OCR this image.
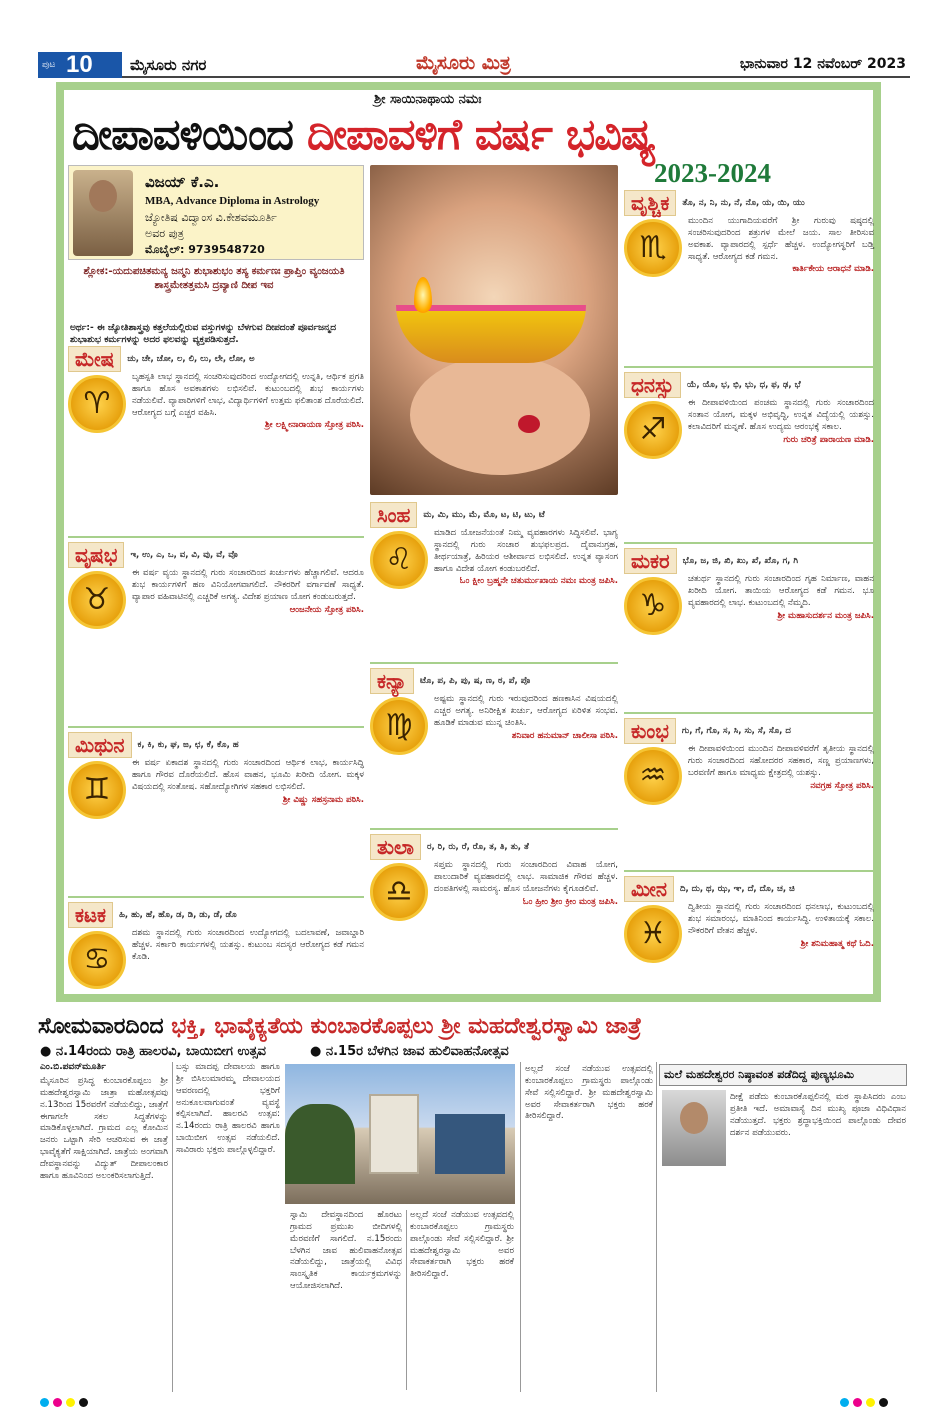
ಪುಟ 10 ಮೈಸೂರು ನಗರ	ಮೈಸೂರು ಮಿತ್ರ	ಭಾನುವಾರ 12 ನವೆಂಬರ್ 2023
ಶ್ರೀ ಸಾಯಿನಾಥಾಯ ನಮಃ
ದೀಪಾವಳಿಯಿಂದ ದೀಪಾವಳಿಗೆ ವರ್ಷ ಭವಿಷ್ಯ
2023-2024
ವಿಜಯ್ ಕೆ.ಎ.
MBA, Advance Diploma in Astrology
ಜ್ಯೋತಿಷ ವಿದ್ವಾಂಸ ವಿ.ಕೇಶವಮೂರ್ತಿ
ಅವರ ಪುತ್ರ
ಮೊಬೈಲ್: 9739548720
ಶ್ಲೋಕ:-ಯದುಪಚಿತಮನ್ಯ ಜನ್ಮನಿ ಶುಭಾಶುಭಂ ತಸ್ಯ ಕರ್ಮಣಃ ಪ್ರಾಪ್ತಿಂ ವ್ಯಂಜಯತಿ ಶಾಸ್ತ್ರಮೇತತ್ತಮಸಿ ದ್ರವ್ಯಾಣಿ ದೀಪ ಇವ
ಅರ್ಥ:- ಈ ಜ್ಯೋತಿಶಾಸ್ತ್ರವು ಕತ್ತಲೆಯಲ್ಲಿರುವ ವಸ್ತುಗಳನ್ನು ಬೆಳಗುವ ದೀಪದಂತೆ ಪೂರ್ವಜನ್ಮದ ಶುಭಾಶುಭ ಕರ್ಮಗಳನ್ನು ಅದರ ಫಲವನ್ನು ವ್ಯಕ್ತಪಡಿಸುತ್ತದೆ.
ಮೇಷ	ಚು, ಚೇ, ಚೋ, ಲ, ಲಿ, ಲು, ಲೇ, ಲೋ, ಅ
♈
ಬೃಹಸ್ಪತಿ ಲಾಭ ಸ್ಥಾನದಲ್ಲಿ ಸಂಚರಿಸುವುದರಿಂದ ಉದ್ಯೋಗದಲ್ಲಿ ಉನ್ನತಿ, ಆರ್ಥಿಕ ಪ್ರಗತಿ ಹಾಗೂ ಹೊಸ ಅವಕಾಶಗಳು ಲಭಿಸಲಿವೆ. ಕುಟುಂಬದಲ್ಲಿ ಶುಭ ಕಾರ್ಯಗಳು ನಡೆಯಲಿವೆ. ವ್ಯಾಪಾರಿಗಳಿಗೆ ಲಾಭ, ವಿದ್ಯಾರ್ಥಿಗಳಿಗೆ ಉತ್ತಮ ಫಲಿತಾಂಶ ದೊರೆಯಲಿದೆ. ಆರೋಗ್ಯದ ಬಗ್ಗೆ ಎಚ್ಚರ ವಹಿಸಿ.
ಶ್ರೀ ಲಕ್ಷ್ಮೀನಾರಾಯಣ ಸ್ತೋತ್ರ ಪಠಿಸಿ.
ವೃಷಭ	ಇ, ಉ, ಎ, ಒ, ವ, ವಿ, ವು, ವೆ, ವೊ
♉
ಈ ವರ್ಷ ವ್ಯಯ ಸ್ಥಾನದಲ್ಲಿ ಗುರು ಸಂಚಾರದಿಂದ ಖರ್ಚುಗಳು ಹೆಚ್ಚಾಗಲಿವೆ. ಆದರೂ ಶುಭ ಕಾರ್ಯಗಳಿಗೆ ಹಣ ವಿನಿಯೋಗವಾಗಲಿದೆ. ನೌಕರರಿಗೆ ವರ್ಗಾವಣೆ ಸಾಧ್ಯತೆ. ವ್ಯಾಪಾರ ವಹಿವಾಟಿನಲ್ಲಿ ಎಚ್ಚರಿಕೆ ಅಗತ್ಯ. ವಿದೇಶ ಪ್ರಯಾಣ ಯೋಗ ಕಂಡುಬರುತ್ತದೆ.
ಆಂಜನೇಯ ಸ್ತೋತ್ರ ಪಠಿಸಿ.
ಮಿಥುನ	ಕ, ಕಿ, ಕು, ಘ, ಙ, ಛ, ಕೆ, ಕೊ, ಹ
♊
ಈ ವರ್ಷ ಏಕಾದಶ ಸ್ಥಾನದಲ್ಲಿ ಗುರು ಸಂಚಾರದಿಂದ ಆರ್ಥಿಕ ಲಾಭ, ಕಾರ್ಯಸಿದ್ಧಿ ಹಾಗೂ ಗೌರವ ದೊರೆಯಲಿದೆ. ಹೊಸ ವಾಹನ, ಭೂಮಿ ಖರೀದಿ ಯೋಗ. ಮಕ್ಕಳ ವಿಷಯದಲ್ಲಿ ಸಂತೋಷ. ಸಹೋದ್ಯೋಗಿಗಳ ಸಹಕಾರ ಲಭಿಸಲಿದೆ.
ಶ್ರೀ ವಿಷ್ಣು ಸಹಸ್ರನಾಮ ಪಠಿಸಿ.
ಕಟಕ	ಹಿ, ಹು, ಹೆ, ಹೊ, ಡ, ಡಿ, ಡು, ಡೆ, ಡೊ
♋
ದಶಮ ಸ್ಥಾನದಲ್ಲಿ ಗುರು ಸಂಚಾರದಿಂದ ಉದ್ಯೋಗದಲ್ಲಿ ಬದಲಾವಣೆ, ಜವಾಬ್ದಾರಿ ಹೆಚ್ಚಳ. ಸರ್ಕಾರಿ ಕಾರ್ಯಗಳಲ್ಲಿ ಯಶಸ್ಸು. ಕುಟುಂಬ ಸದಸ್ಯರ ಆರೋಗ್ಯದ ಕಡೆ ಗಮನ ಕೊಡಿ.
ಸಿಂಹ	ಮ, ಮಿ, ಮು, ಮೆ, ಮೊ, ಟ, ಟಿ, ಟು, ಟೆ
♌
ಮಾಡಿದ ಯೋಜನೆಯಂತೆ ನಿಮ್ಮ ವ್ಯವಹಾರಗಳು ಸಿದ್ಧಿಸಲಿವೆ. ಭಾಗ್ಯ ಸ್ಥಾನದಲ್ಲಿ ಗುರು ಸಂಚಾರ ಶುಭಫಲಪ್ರದ. ದೈವಾನುಗ್ರಹ, ತೀರ್ಥಯಾತ್ರೆ, ಹಿರಿಯರ ಆಶೀರ್ವಾದ ಲಭಿಸಲಿದೆ. ಉನ್ನತ ವ್ಯಾಸಂಗ ಹಾಗೂ ವಿದೇಶ ಯೋಗ ಕಂಡುಬರಲಿದೆ.
ಓಂ ಕ್ಷೀಂ ಬ್ರಹ್ಮನೇ ಚತುರ್ಮುಖಾಯ ನಮಃ ಮಂತ್ರ ಜಪಿಸಿ.
ಕನ್ಯಾ	ಟೊ, ಪ, ಪಿ, ಪು, ಷ, ಣ, ಠ, ಪೆ, ಪೊ
♍
ಅಷ್ಟಮ ಸ್ಥಾನದಲ್ಲಿ ಗುರು ಇರುವುದರಿಂದ ಹಣಕಾಸಿನ ವಿಷಯದಲ್ಲಿ ಎಚ್ಚರ ಅಗತ್ಯ. ಅನಿರೀಕ್ಷಿತ ಖರ್ಚು, ಆರೋಗ್ಯದ ಏರಿಳಿತ ಸಂಭವ. ಹೂಡಿಕೆ ಮಾಡುವ ಮುನ್ನ ಚಿಂತಿಸಿ.
ಶನಿವಾರ ಹನುಮಾನ್ ಚಾಲೀಸಾ ಪಠಿಸಿ.
ತುಲಾ	ರ, ರಿ, ರು, ರೆ, ರೊ, ತ, ತಿ, ತು, ತೆ
♎
ಸಪ್ತಮ ಸ್ಥಾನದಲ್ಲಿ ಗುರು ಸಂಚಾರದಿಂದ ವಿವಾಹ ಯೋಗ, ಪಾಲುದಾರಿಕೆ ವ್ಯವಹಾರದಲ್ಲಿ ಲಾಭ. ಸಾಮಾಜಿಕ ಗೌರವ ಹೆಚ್ಚಳ. ದಂಪತಿಗಳಲ್ಲಿ ಸಾಮರಸ್ಯ. ಹೊಸ ಯೋಜನೆಗಳು ಕೈಗೂಡಲಿವೆ.
ಓಂ ಹ್ರೀಂ ಶ್ರೀಂ ಕ್ರೀಂ ಮಂತ್ರ ಜಪಿಸಿ.
ವೃಶ್ಚಿಕ	ತೊ, ನ, ನಿ, ನು, ನೆ, ನೊ, ಯ, ಯಿ, ಯು
♏
ಮುಂದಿನ ಯುಗಾದಿಯವರೆಗೆ ಶ್ರೀ ಗುರುವು ಷಷ್ಠದಲ್ಲಿ ಸಂಚರಿಸುವುದರಿಂದ ಶತ್ರುಗಳ ಮೇಲೆ ಜಯ. ಸಾಲ ತೀರಿಸುವ ಅವಕಾಶ. ವ್ಯಾಪಾರದಲ್ಲಿ ಸ್ಪರ್ಧೆ ಹೆಚ್ಚಳ. ಉದ್ಯೋಗಸ್ಥರಿಗೆ ಬಡ್ತಿ ಸಾಧ್ಯತೆ. ಆರೋಗ್ಯದ ಕಡೆ ಗಮನ.
ಕಾರ್ತಿಕೇಯ ಆರಾಧನೆ ಮಾಡಿ.
ಧನಸ್ಸು	ಯೆ, ಯೊ, ಭ, ಭಿ, ಭು, ಧ, ಫ, ಢ, ಭೆ
♐
ಈ ದೀಪಾವಳಿಯಿಂದ ಪಂಚಮ ಸ್ಥಾನದಲ್ಲಿ ಗುರು ಸಂಚಾರದಿಂದ ಸಂತಾನ ಯೋಗ, ಮಕ್ಕಳ ಅಭಿವೃದ್ಧಿ, ಉನ್ನತ ವಿದ್ಯೆಯಲ್ಲಿ ಯಶಸ್ಸು. ಕಲಾವಿದರಿಗೆ ಮನ್ನಣೆ. ಹೊಸ ಉದ್ಯಮ ಆರಂಭಕ್ಕೆ ಸಕಾಲ.
ಗುರು ಚರಿತ್ರೆ ಪಾರಾಯಣ ಮಾಡಿ.
ಮಕರ	ಭೊ, ಜ, ಜಿ, ಖಿ, ಖು, ಖೆ, ಖೊ, ಗ, ಗಿ
♑
ಚತುರ್ಥ ಸ್ಥಾನದಲ್ಲಿ ಗುರು ಸಂಚಾರದಿಂದ ಗೃಹ ನಿರ್ಮಾಣ, ವಾಹನ ಖರೀದಿ ಯೋಗ. ತಾಯಿಯ ಆರೋಗ್ಯದ ಕಡೆ ಗಮನ. ಭೂ ವ್ಯವಹಾರದಲ್ಲಿ ಲಾಭ. ಕುಟುಂಬದಲ್ಲಿ ನೆಮ್ಮದಿ.
ಶ್ರೀ ಮಹಾಸುದರ್ಶನ ಮಂತ್ರ ಜಪಿಸಿ.
ಕುಂಭ	ಗು, ಗೆ, ಗೊ, ಸ, ಸಿ, ಸು, ಸೆ, ಸೊ, ದ
♒
ಈ ದೀಪಾವಳಿಯಿಂದ ಮುಂದಿನ ದೀಪಾವಳಿವರೆಗೆ ತೃತೀಯ ಸ್ಥಾನದಲ್ಲಿ ಗುರು ಸಂಚಾರದಿಂದ ಸಹೋದರರ ಸಹಕಾರ, ಸಣ್ಣ ಪ್ರಯಾಣಗಳು, ಬರವಣಿಗೆ ಹಾಗೂ ಮಾಧ್ಯಮ ಕ್ಷೇತ್ರದಲ್ಲಿ ಯಶಸ್ಸು.
ನವಗ್ರಹ ಸ್ತೋತ್ರ ಪಠಿಸಿ.
ಮೀನ	ದಿ, ದು, ಥ, ಝ, ಞ, ದೆ, ದೊ, ಚ, ಚಿ
♓
ದ್ವಿತೀಯ ಸ್ಥಾನದಲ್ಲಿ ಗುರು ಸಂಚಾರದಿಂದ ಧನಲಾಭ, ಕುಟುಂಬದಲ್ಲಿ ಶುಭ ಸಮಾರಂಭ, ಮಾತಿನಿಂದ ಕಾರ್ಯಸಿದ್ಧಿ. ಉಳಿತಾಯಕ್ಕೆ ಸಕಾಲ. ನೌಕರರಿಗೆ ವೇತನ ಹೆಚ್ಚಳ.
ಶ್ರೀ ಶನಿಮಹಾತ್ಮ ಕಥೆ ಓದಿ.
ಸೋಮವಾರದಿಂದ ಭಕ್ತಿ, ಭಾವೈಕ್ಯತೆಯ ಕುಂಬಾರಕೊಪ್ಪಲು ಶ್ರೀ ಮಹದೇಶ್ವರಸ್ವಾಮಿ ಜಾತ್ರೆ
● ನ.14ರಂದು ರಾತ್ರಿ ಹಾಲರವಿ, ಬಾಯಿಬೀಗ ಉತ್ಸವ	● ನ.15ರ ಬೆಳಗಿನ ಜಾವ ಹುಲಿವಾಹನೋತ್ಸವ
ಎಂ.ಬಿ.ಪವನ್‌ಮೂರ್ತಿ
ಮೈಸೂರಿನ ಪ್ರಸಿದ್ಧ ಕುಂಬಾರಕೊಪ್ಪಲು ಶ್ರೀ ಮಹದೇಶ್ವರಸ್ವಾಮಿ ಜಾತ್ರಾ ಮಹೋತ್ಸವವು ನ.13ರಿಂದ 15ರವರೆಗೆ ನಡೆಯಲಿದ್ದು, ಜಾತ್ರೆಗೆ ಈಗಾಗಲೇ ಸಕಲ ಸಿದ್ಧತೆಗಳನ್ನು ಮಾಡಿಕೊಳ್ಳಲಾಗಿದೆ. ಗ್ರಾಮದ ಎಲ್ಲ ಕೋಮಿನ ಜನರು ಒಟ್ಟಾಗಿ ಸೇರಿ ಆಚರಿಸುವ ಈ ಜಾತ್ರೆ ಭಾವೈಕ್ಯತೆಗೆ ಸಾಕ್ಷಿಯಾಗಿದೆ. ಜಾತ್ರೆಯ ಅಂಗವಾಗಿ ದೇವಸ್ಥಾನವನ್ನು ವಿದ್ಯುತ್ ದೀಪಾಲಂಕಾರ ಹಾಗೂ ಹೂವಿನಿಂದ ಅಲಂಕರಿಸಲಾಗುತ್ತಿದೆ.
ಬಸ್ಸು ಮಾದಪ್ಪ ದೇವಾಲಯ ಹಾಗೂ ಶ್ರೀ ಬಿಸಿಲುಮಾರಮ್ಮ ದೇವಾಲಯದ ಆವರಣದಲ್ಲಿ ಭಕ್ತರಿಗೆ ಅನುಕೂಲವಾಗುವಂತೆ ವ್ಯವಸ್ಥೆ ಕಲ್ಪಿಸಲಾಗಿದೆ. ಹಾಲರವಿ ಉತ್ಸವ: ನ.14ರಂದು ರಾತ್ರಿ ಹಾಲರವಿ ಹಾಗೂ ಬಾಯಿಬೀಗ ಉತ್ಸವ ನಡೆಯಲಿದೆ. ಸಾವಿರಾರು ಭಕ್ತರು ಪಾಲ್ಗೊಳ್ಳಲಿದ್ದಾರೆ.
ಸ್ವಾಮಿ ದೇವಸ್ಥಾನದಿಂದ ಹೊರಟು ಗ್ರಾಮದ ಪ್ರಮುಖ ಬೀದಿಗಳಲ್ಲಿ ಮೆರವಣಿಗೆ ಸಾಗಲಿದೆ. ನ.15ರಂದು ಬೆಳಗಿನ ಜಾವ ಹುಲಿವಾಹನೋತ್ಸವ ನಡೆಯಲಿದ್ದು, ಜಾತ್ರೆಯಲ್ಲಿ ವಿವಿಧ ಸಾಂಸ್ಕೃತಿಕ ಕಾರ್ಯಕ್ರಮಗಳನ್ನು ಆಯೋಜಿಸಲಾಗಿದೆ.
ಅಲ್ಲದೆ ಸಂಜೆ ನಡೆಯುವ ಉತ್ಸವದಲ್ಲಿ ಕುಂಬಾರಕೊಪ್ಪಲು ಗ್ರಾಮಸ್ಥರು ಪಾಲ್ಗೊಂಡು ಸೇವೆ ಸಲ್ಲಿಸಲಿದ್ದಾರೆ. ಶ್ರೀ ಮಹದೇಶ್ವರಸ್ವಾಮಿ ಅವರ ಸೇವಾಕರ್ತರಾಗಿ ಭಕ್ತರು ಹರಕೆ ತೀರಿಸಲಿದ್ದಾರೆ.
ಅಲ್ಲದೆ ಸಂಜೆ ನಡೆಯುವ ಉತ್ಸವದಲ್ಲಿ ಕುಂಬಾರಕೊಪ್ಪಲು ಗ್ರಾಮಸ್ಥರು ಪಾಲ್ಗೊಂಡು ಸೇವೆ ಸಲ್ಲಿಸಲಿದ್ದಾರೆ. ಶ್ರೀ ಮಹದೇಶ್ವರಸ್ವಾಮಿ ಅವರ ಸೇವಾಕರ್ತರಾಗಿ ಭಕ್ತರು ಹರಕೆ ತೀರಿಸಲಿದ್ದಾರೆ.
ಮಲೆ ಮಹದೇಶ್ವರರ ನಿಷ್ಠಾವಂತ ಪಡೆದಿದ್ದ ಪುಣ್ಯಭೂಮಿ
ದೀಕ್ಷೆ ಪಡೆದು ಕುಂಬಾರಕೊಪ್ಪಲಿನಲ್ಲಿ ಮಠ ಸ್ಥಾಪಿಸಿದರು ಎಂಬ ಪ್ರತೀತಿ ಇದೆ. ಅಮಾವಾಸ್ಯೆ ದಿನ ಮುಖ್ಯ ಪೂಜಾ ವಿಧಿವಿಧಾನ ನಡೆಯುತ್ತದೆ. ಭಕ್ತರು ಶ್ರದ್ಧಾಭಕ್ತಿಯಿಂದ ಪಾಲ್ಗೊಂಡು ದೇವರ ದರ್ಶನ ಪಡೆಯುವರು.
